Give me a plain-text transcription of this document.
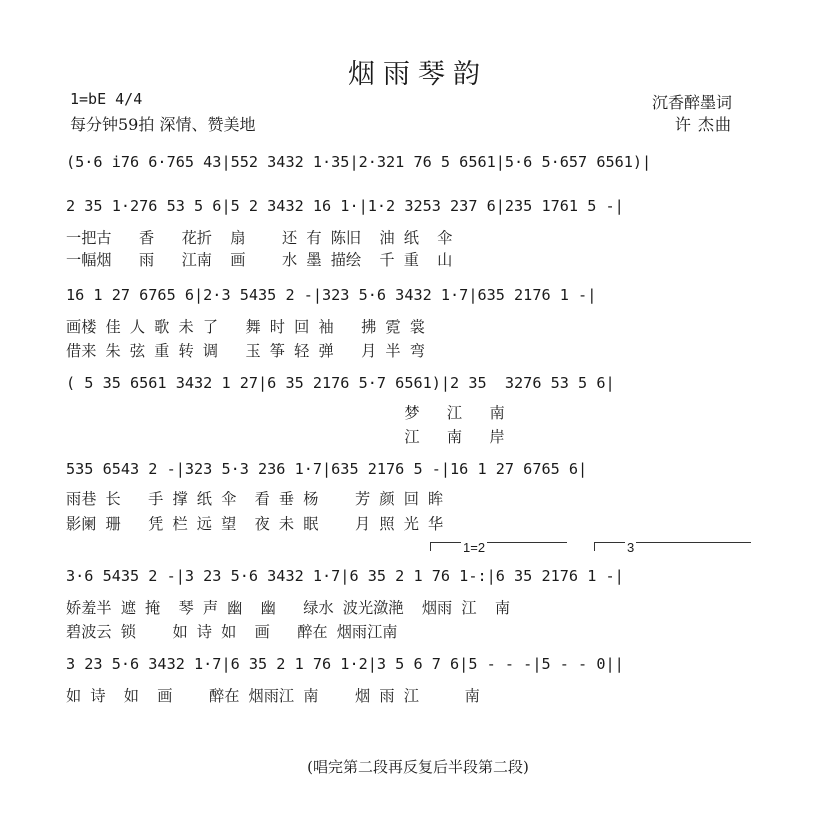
烟雨琴韵
1=bE 4/4
每分钟59拍 深情、赞美地
沉香醉墨词
许 杰曲
(5·6 i76 6·765 43|552 3432 1·35|2·321 76 5 6561|5·6 5·657 6561)|
2 35 1·276 53 5 6|5 2 3432 16 1·|1·2 3253 237 6|235 1761 5 -|
一把古   香   花折  扇    还 有 陈旧  油 纸  伞
一幅烟   雨   江南  画    水 墨 描绘  千 重  山
16 1 27 6765 6|2·3 5435 2 -|323 5·6 3432 1·7|635 2176 1 -|
画楼 佳 人 歌 未 了   舞 时 回 袖   拂 霓 裳
借来 朱 弦 重 转 调   玉 筝 轻 弹   月 半 弯
( 5 35 6561 3432 1 27|6 35 2176 5·7 6561)|2 35  3276 53 5 6|
梦   江   南
江   南   岸
535 6543 2 -|323 5·3 236 1·7|635 2176 5 -|16 1 27 6765 6|
雨巷 长   手 撑 纸 伞  看 垂 杨    芳 颜 回 眸
影阑 珊   凭 栏 远 望  夜 未 眠    月 照 光 华
1=2	3
3·6 5435 2 -|3 23 5·6 3432 1·7|6 35 2 1 76 1-:|6 35 2176 1 -|
娇羞半 遮 掩  琴 声 幽  幽   绿水 波光潋滟  烟雨 江  南
碧波云 锁    如 诗 如  画   醉在 烟雨江南
3 23 5·6 3432 1·7|6 35 2 1 76 1·2|3 5 6 7 6|5 - - -|5 - - 0||
如 诗  如  画    醉在 烟雨江 南    烟 雨 江     南
(唱完第二段再反复后半段第二段)
